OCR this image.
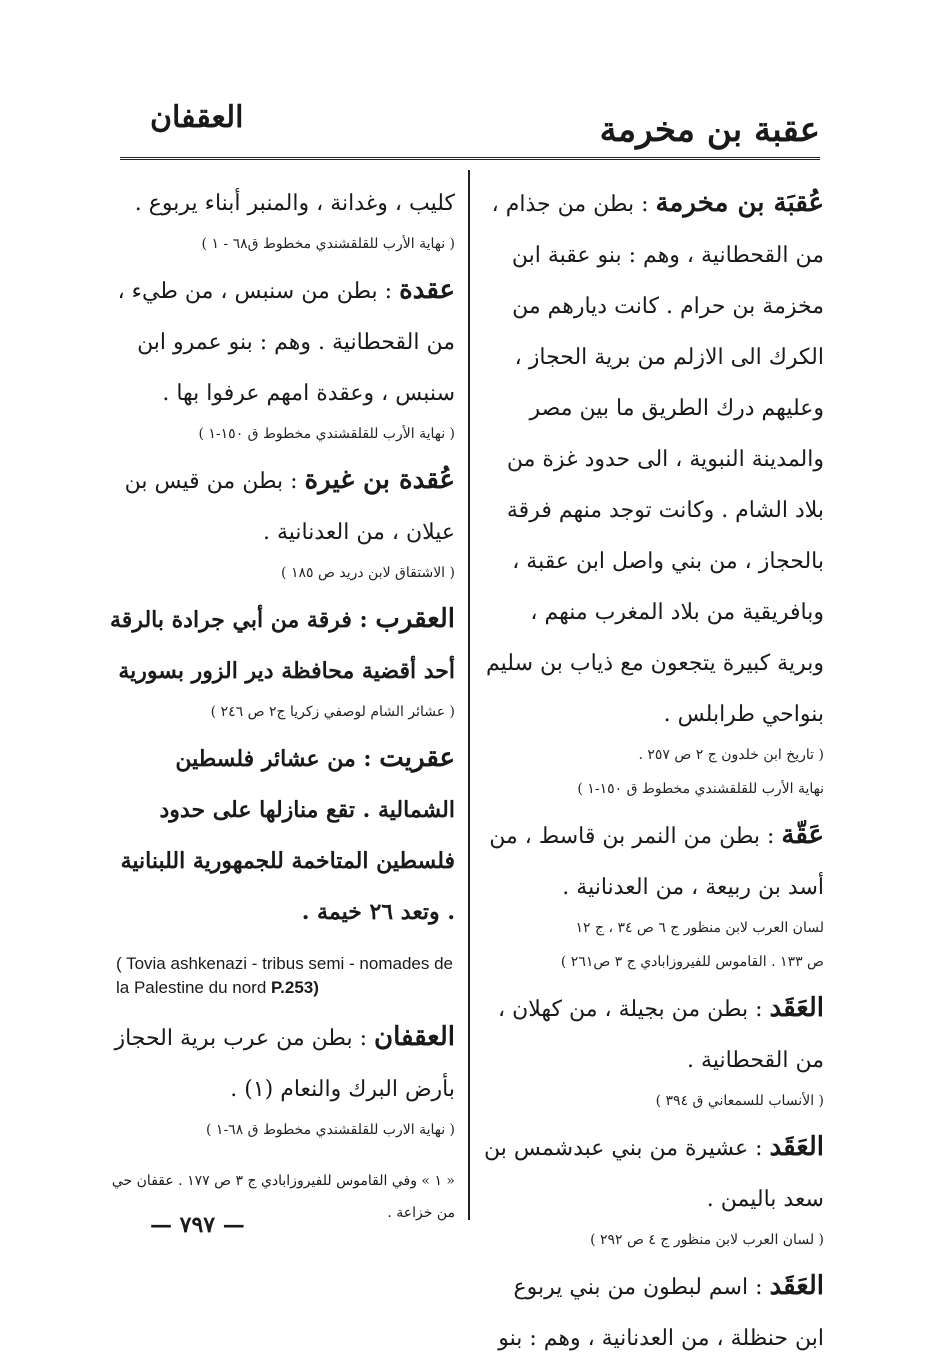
عقبة بن مخرمة
العقفان

عُقبَة بن مخرمة : بطن من جذام ، من القحطانية ، وهم : بنو عقبة ابن مخزمة بن حرام . كانت ديارهم من الكرك الى الازلم من برية الحجاز ، وعليهم درك الطريق ما بين مصر والمدينة النبوية ، الى حدود غزة من بلاد الشام . وكانت توجد منهم فرقة بالحجاز ، من بني واصل ابن عقبة ، وبافريقية من بلاد المغرب منهم ، وبرية كبيرة يتجعون مع ذياب بن سليم بنواحي طرابلس .

( تاريخ ابن خلدون ج ٢ ص ٢٥٧ .
نهاية الأرب للقلقشندي مخطوط ق ١٥٠-١ )

عَقّة : بطن من النمر بن قاسط ، من أسد بن ربيعة ، من العدنانية .

لسان العرب لابن منظور ج ٦ ص ٣٤ ، ج ١٢
ص ١٣٣ . القاموس للفيروزابادي ج ٣ ص٢٦١ )

العَقَد : بطن من بجيلة ، من كهلان ، من القحطانية .

( الأنساب للسمعاني ق ٣٩٤ )

العَقَد : عشيرة من بني عبدشمس بن سعد باليمن .

( لسان العرب لابن منظور ج ٤ ص ٢٩٢ )

العَقَد : اسم لبطون من بني يربوع ابن حنظلة ، من العدنانية ، وهم : بنو

كليب ، وغدانة ، والمنبر أبناء يربوع .

( نهاية الأرب للقلقشندي مخطوط ق٦٨ - ١ )

عقدة : بطن من سنبس ، من طيء ، من القحطانية . وهم : بنو عمرو ابن سنبس ، وعقدة امهم عرفوا بها .

( نهاية الأرب للقلقشندي مخطوط ق ١٥٠-١ )

عُقدة بن غيرة : بطن من قيس بن عيلان ، من العدنانية .

( الاشتقاق لابن دريد ص ١٨٥ )

العقرب : فرقة من أبي جرادة بالرقة أحد أقضية محافظة دير الزور بسورية

( عشائر الشام لوصفي زكريا ج٢ ص ٢٤٦ )

عقريت : من عشائر فلسطين الشمالية . تقع منازلها على حدود فلسطين المتاخمة للجمهورية اللبنانية . وتعد ٢٦ خيمة .

( Tovia ashkenazi - tribus semi - nomades de la Palestine du nord P.253)

العقفان : بطن من عرب برية الحجاز بأرض البرك والنعام (١) .

( نهاية الارب للقلقشندي مخطوط ق ٦٨-١ )
« ١ » وفي القاموس للفيروزابادي ج ٣ ص ١٧٧ . عقفان حي من خزاعة .
— ٧٩٧ —
